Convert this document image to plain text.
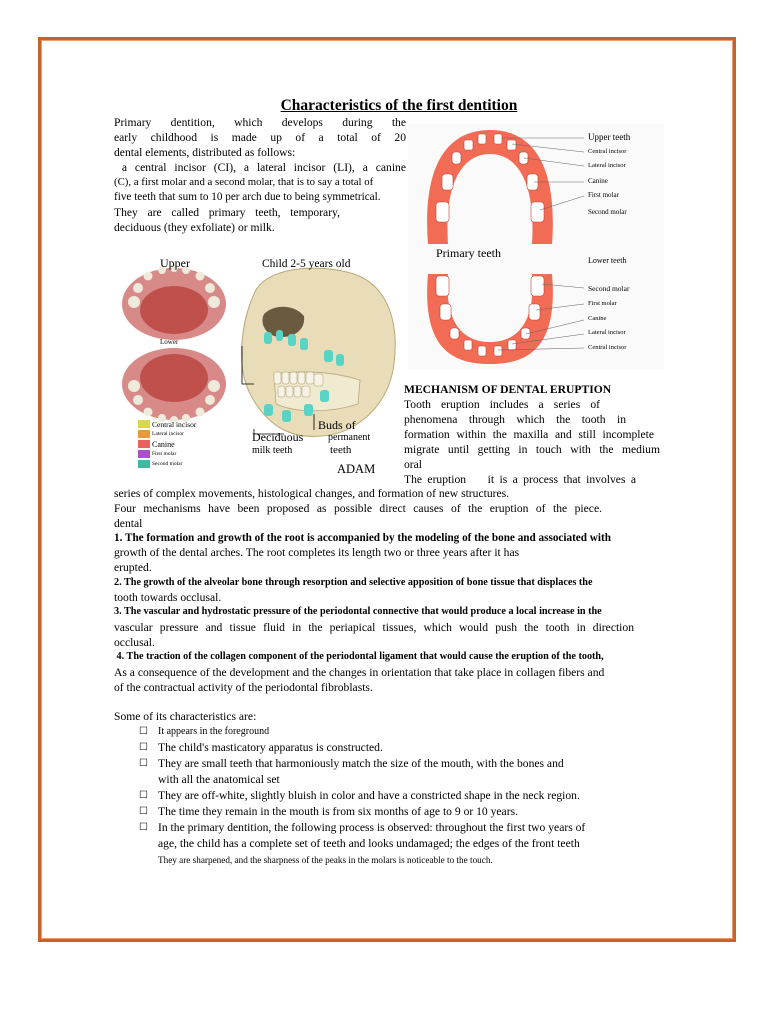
Characteristics of the first dentition
Primary dentition, which develops during the
early childhood is made up of a total of 20
dental elements, distributed as follows:
a central incisor (CI), a lateral incisor (LI), a canine
(C), a first molar and a second molar, that is to say a total of
five teeth that sum to 10 per arch due to being symmetrical.
They are called primary teeth, temporary,
deciduous (they exfoliate) or milk.
Upper teeth
Central incisor
Lateral incisor
Canine
First molar
Second molar
Primary teeth
Lower teeth
Second molar
First molar
Canine
Lateral incisor
Central incisor
Upper	Child 2-5 years old
Lower
Central incisor
Lateral incisor
Canine
First molar
Second molar
Buds of
permanent
teeth
Deciduous
milk teeth
ADAM
MECHANISM OF DENTAL ERUPTION
Tooth eruption includes a series of
phenomena through which the tooth in
formation within the maxilla and still incomplete
migrate until getting in touch with the medium
oral
The eruption    it is a process that involves a
series of complex movements, histological changes, and formation of new structures.
Four mechanisms have been proposed as possible direct causes of the eruption of the piece.
dental
1. The formation and growth of the root is accompanied by the modeling of the bone and associated with
growth of the dental arches. The root completes its length two or three years after it has
erupted.
2. The growth of the alveolar bone through resorption and selective apposition of bone tissue that displaces the
tooth towards occlusal.
3. The vascular and hydrostatic pressure of the periodontal connective that would produce a local increase in the
vascular pressure and tissue fluid in the periapical tissues, which would push the tooth in direction
occlusal.
4. The traction of the collagen component of the periodontal ligament that would cause the eruption of the tooth,
As a consequence of the development and the changes in orientation that take place in collagen fibers and
of the contractual activity of the periodontal fibroblasts.
Some of its characteristics are:
☐	It appears in the foreground
☐ The child's masticatory apparatus is constructed.
☐ They are small teeth that harmoniously match the size of the mouth, with the bones and
with all the anatomical set
☐ They are off-white, slightly bluish in color and have a constricted shape in the neck region.
☐ The time they remain in the mouth is from six months of age to 9 or 10 years.
☐ In the primary dentition, the following process is observed: throughout the first two years of
age, the child has a complete set of teeth and looks undamaged; the edges of the front teeth
They are sharpened, and the sharpness of the peaks in the molars is noticeable to the touch.
